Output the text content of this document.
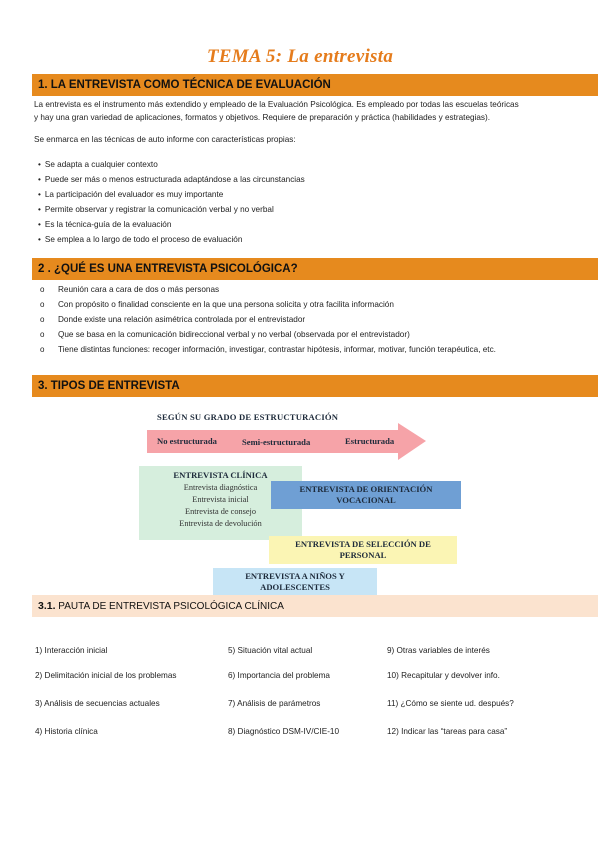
TEMA 5: La entrevista
1. LA ENTREVISTA COMO TÉCNICA DE EVALUACIÓN
La entrevista es el instrumento más extendido y empleado de la Evaluación Psicológica. Es empleado por todas las escuelas teóricas
y hay una gran variedad de aplicaciones, formatos y objetivos. Requiere de preparación y práctica (habilidades y estrategias).
Se enmarca en las técnicas de auto informe con características propias:
• Se adapta a cualquier contexto
• Puede ser más o menos estructurada adaptándose a las circunstancias
• La participación del evaluador es muy importante
• Permite observar y registrar la comunicación verbal y no verbal
• Es la técnica-guía de la evaluación
• Se emplea a lo largo de todo el proceso de evaluación
2 . ¿QUÉ ES UNA ENTREVISTA PSICOLÓGICA?
o Reunión cara a cara de dos o más personas
o Con propósito o finalidad consciente en la que una persona solicita y otra facilita información
o Donde existe una relación asimétrica controlada por el entrevistador
o Que se basa en la comunicación bidireccional verbal y no verbal (observada por el entrevistador)
o Tiene distintas funciones: recoger información, investigar, contrastar hipótesis, informar, motivar, función terapéutica, etc.
3. TIPOS DE ENTREVISTA
SEGÚN SU GRADO DE ESTRUCTURACIÓN
No estructurada	Semi-estructurada	Estructurada
ENTREVISTA CLÍNICA
Entrevista diagnóstica
Entrevista inicial
Entrevista de consejo
Entrevista de devolución
ENTREVISTA DE ORIENTACIÓN VOCACIONAL
ENTREVISTA DE SELECCIÓN DE PERSONAL
ENTREVISTA A NIÑOS Y ADOLESCENTES
3.1. PAUTA DE ENTREVISTA PSICOLÓGICA CLÍNICA
1) Interacción inicial
2) Delimitación inicial de los problemas
3) Análisis de secuencias actuales
4) Historia clínica
5) Situación vital actual
6) Importancia del problema
7) Análisis de parámetros
8) Diagnóstico DSM-IV/CIE-10
9) Otras variables de interés
10) Recapitular y devolver info.
11) ¿Cómo se siente ud. después?
12) Indicar las “tareas para casa”
